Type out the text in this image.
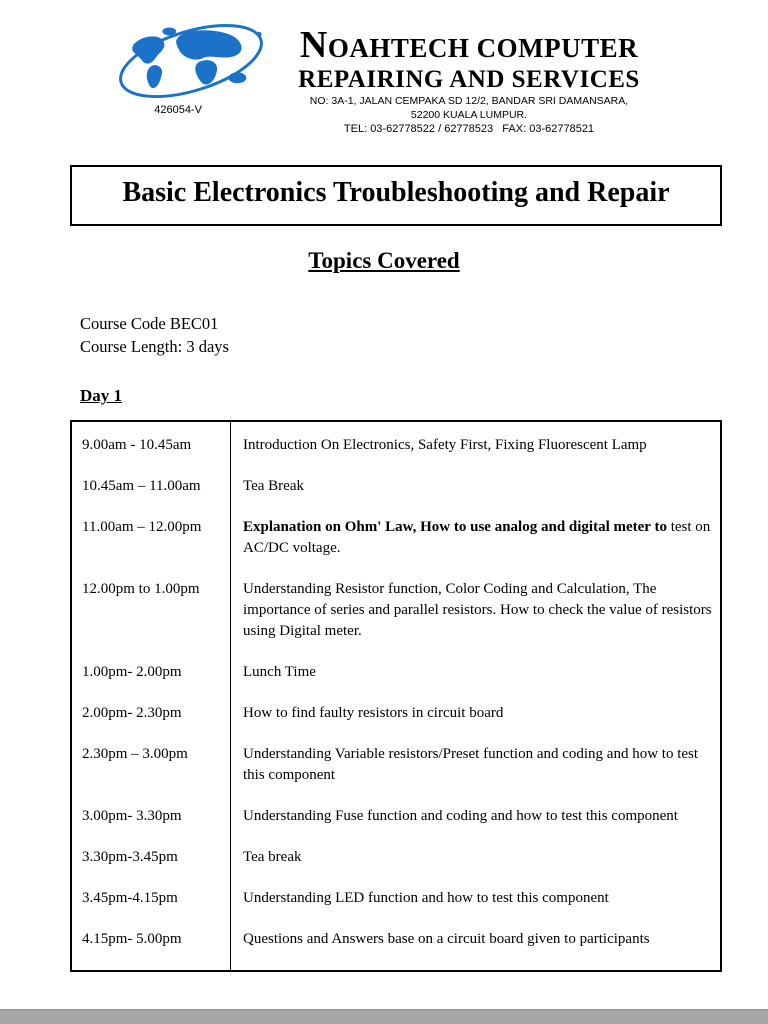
426054-V
NOAHTECH COMPUTER
REPAIRING AND SERVICES
NO: 3A-1, JALAN CEMPAKA SD 12/2, BANDAR SRI DAMANSARA,
52200 KUALA LUMPUR.
TEL: 03-62778522 / 62778523   FAX: 03-62778521
Basic Electronics Troubleshooting and Repair
Topics Covered

Course Code BEC01

Course Length: 3 days

Day 1
9.00am - 10.45am	Introduction On Electronics, Safety First, Fixing Fluorescent Lamp
10.45am – 11.00am	Tea Break
11.00am – 12.00pm	Explanation on Ohm' Law, How to use analog and digital meter to test on AC/DC voltage.
12.00pm to 1.00pm	Understanding Resistor function, Color Coding and Calculation, The importance of series and parallel resistors. How to check the value of resistors using Digital meter.
1.00pm- 2.00pm	Lunch Time
2.00pm- 2.30pm	How to find faulty resistors in circuit board
2.30pm – 3.00pm	Understanding Variable resistors/Preset function and coding and how to test this component
3.00pm- 3.30pm	Understanding Fuse function and coding and how to test this component
3.30pm-3.45pm	Tea break
3.45pm-4.15pm	Understanding LED function and how to test this component
4.15pm- 5.00pm	Questions and Answers base on a circuit board given to participants
